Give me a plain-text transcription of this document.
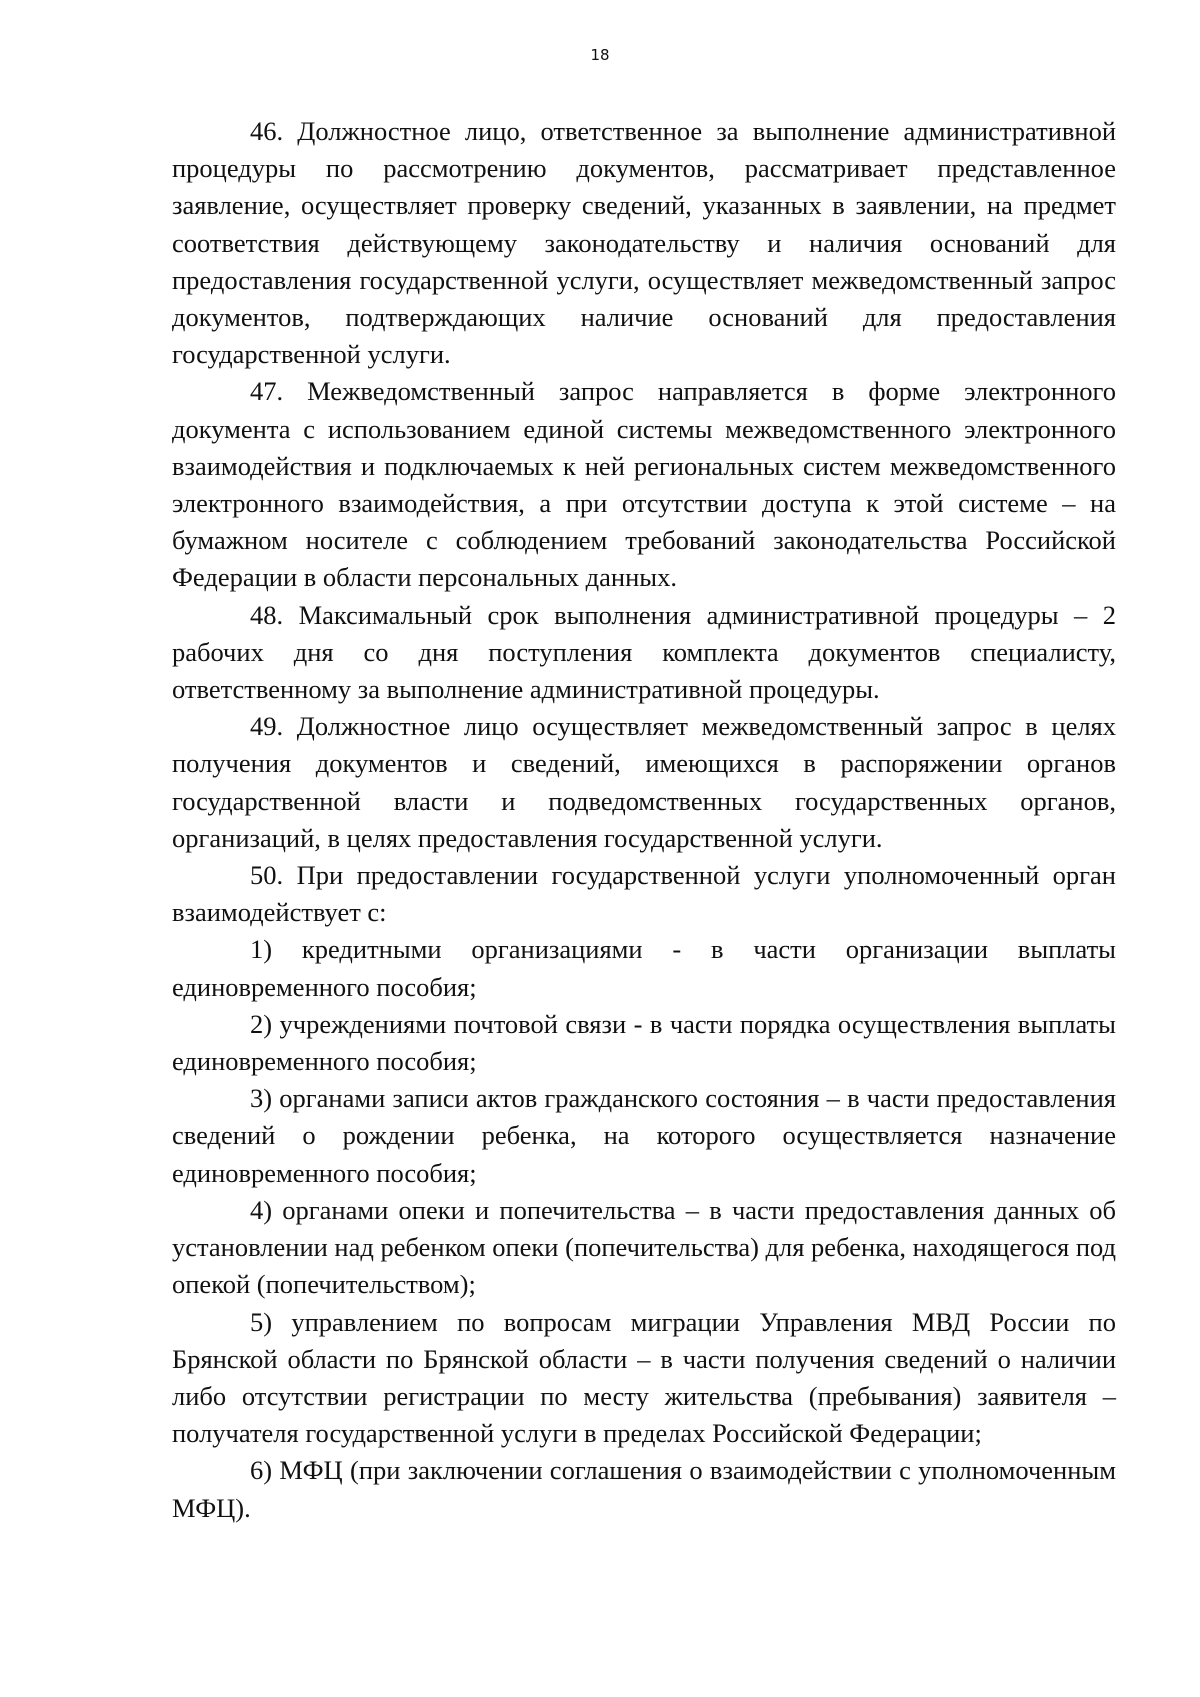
18

46. Должностное лицо, ответственное за выполнение административной процедуры по рассмотрению документов, рассматривает представленное заявление, осуществляет проверку сведений, указанных в заявлении, на предмет соответствия действующему законодательству и наличия оснований для предоставления государственной услуги, осуществляет межведомственный запрос документов, подтверждающих наличие оснований для предоставления государственной услуги.

47. Межведомственный запрос направляется в форме электронного документа с использованием единой системы межведомственного электронного взаимодействия и подключаемых к ней региональных систем межведомственного электронного взаимодействия, а при отсутствии доступа к этой системе – на бумажном носителе с соблюдением требований законодательства Российской Федерации в области персональных данных.

48. Максимальный срок выполнения административной процедуры – 2 рабочих дня со дня поступления комплекта документов специалисту, ответственному за выполнение административной процедуры.

49. Должностное лицо осуществляет межведомственный запрос в целях получения документов и сведений, имеющихся в распоряжении органов государственной власти и подведомственных государственных органов, организаций, в целях предоставления государственной услуги.

50. При предоставлении государственной услуги уполномоченный орган взаимодействует с:

1) кредитными организациями - в части организации выплаты единовременного пособия;

2) учреждениями почтовой связи - в части порядка осуществления выплаты единовременного пособия;

3) органами записи актов гражданского состояния – в части предоставления сведений о рождении ребенка, на которого осуществляется назначение единовременного пособия;

4) органами опеки и попечительства – в части предоставления данных об установлении над ребенком опеки (попечительства) для ребенка, находящегося под опекой (попечительством);

5) управлением по вопросам миграции Управления МВД России по Брянской области по Брянской области – в части получения сведений о наличии либо отсутствии регистрации по месту жительства (пребывания) заявителя – получателя государственной услуги в пределах Российской Федерации;

6) МФЦ (при заключении соглашения о взаимодействии с уполномоченным МФЦ).
